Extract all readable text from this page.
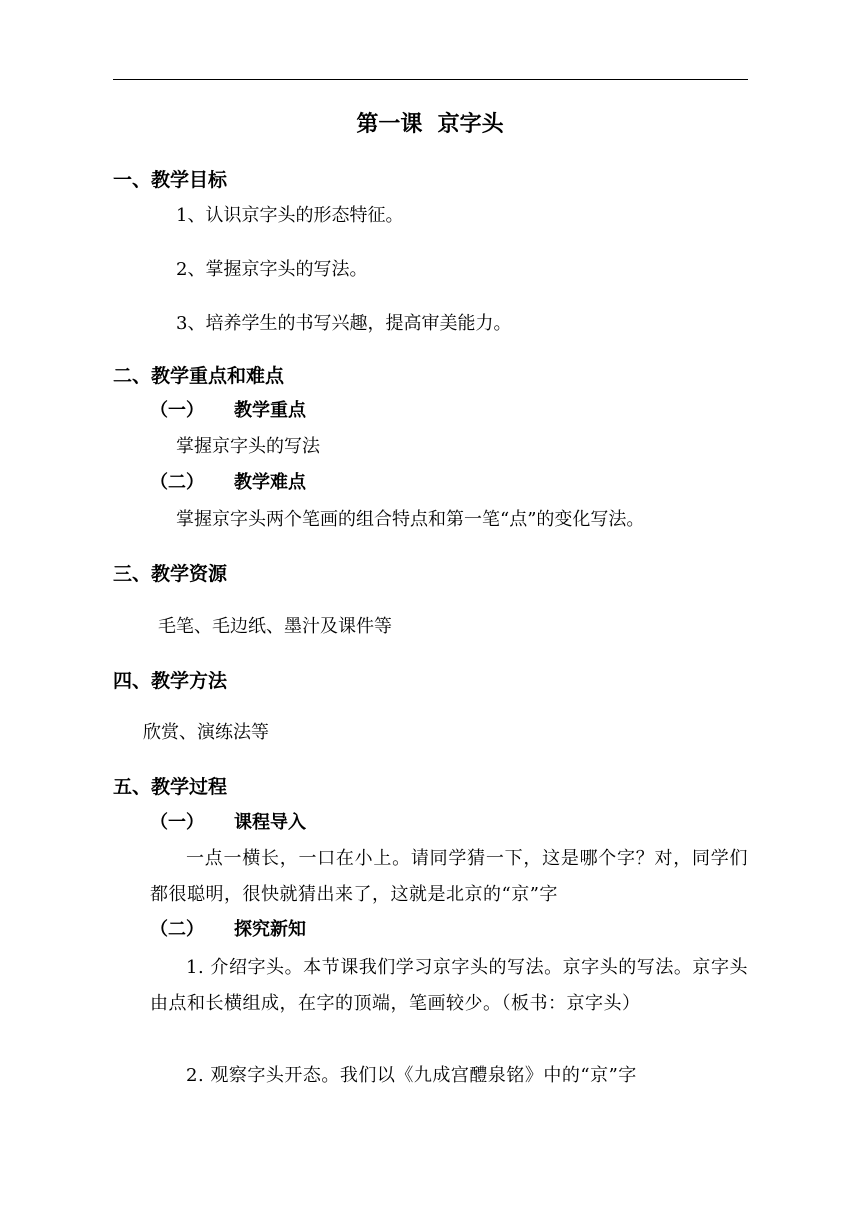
第一课  京字头
一、教学目标
1、认识京字头的形态特征。
2、掌握京字头的写法。
3、培养学生的书写兴趣，提高审美能力。
二、教学重点和难点
（一） 教学重点
掌握京字头的写法
（二） 教学难点
掌握京字头两个笔画的组合特点和第一笔“点”的变化写法。
三、教学资源
毛笔、毛边纸、墨汁及课件等
四、教学方法
欣赏、演练法等
五、教学过程
（一） 课程导入
一点一横长，一口在小上。请同学猜一下，这是哪个字？对，同学们都很聪明，很快就猜出来了，这就是北京的“京”字
（二） 探究新知
1. 介绍字头。本节课我们学习京字头的写法。京字头的写法。京字头由点和长横组成，在字的顶端，笔画较少。（板书：京字头）
2. 观察字头开态。我们以《九成宫醴泉铭》中的“京”字
